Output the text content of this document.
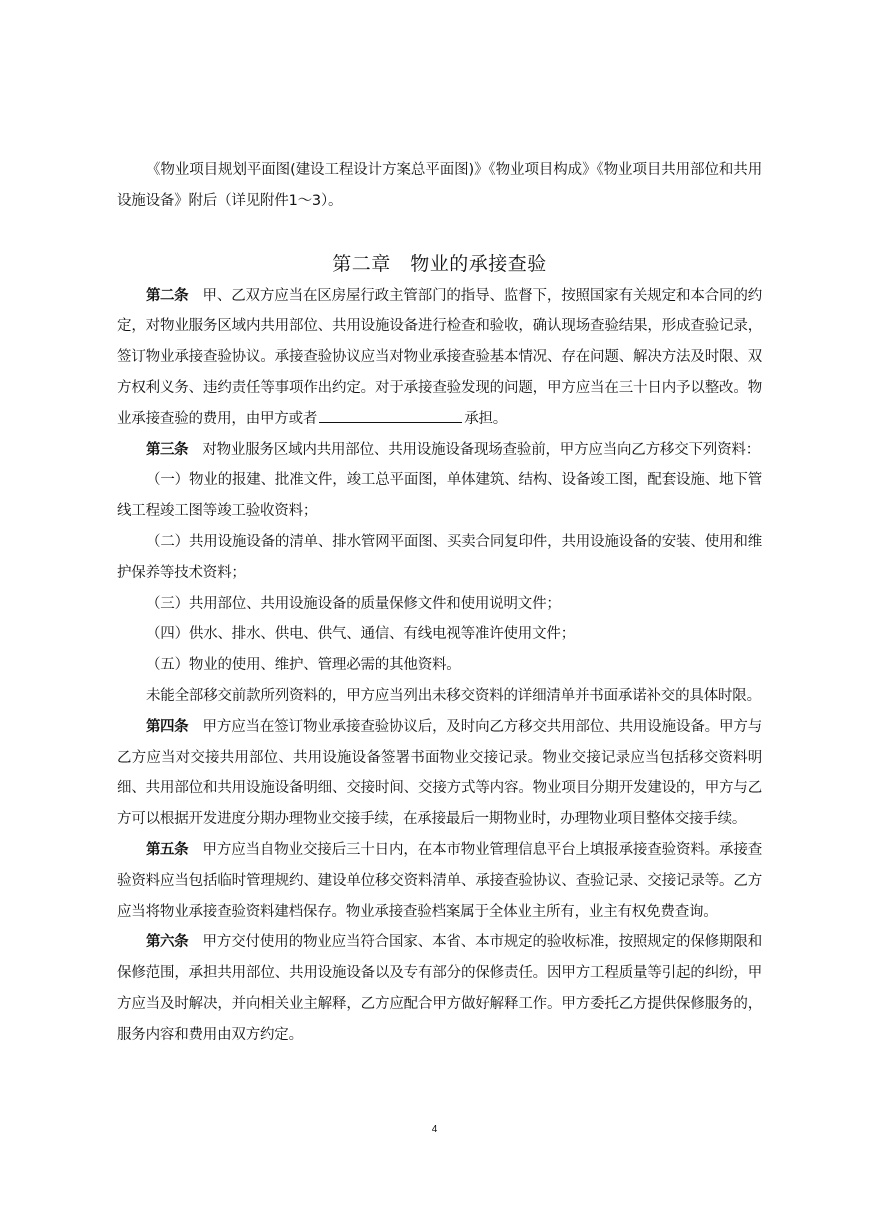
《物业项目规划平面图(建设工程设计方案总平面图)》《物业项目构成》《物业项目共用部位和共用设施设备》附后（详见附件1～3）。

第二章　物业的承接查验

第二条　 甲、乙双方应当在区房屋行政主管部门的指导、监督下，按照国家有关规定和本合同的约定，对物业服务区域内共用部位、共用设施设备进行检查和验收，确认现场查验结果，形成查验记录，签订物业承接查验协议。承接查验协议应当对物业承接查验基本情况、存在问题、解决方法及时限、双方权利义务、违约责任等事项作出约定。对于承接查验发现的问题，甲方应当在三十日内予以整改。物业承接查验的费用，由甲方或者	承担。

第三条　 对物业服务区域内共用部位、共用设施设备现场查验前，甲方应当向乙方移交下列资料：

（一）物业的报建、批准文件，竣工总平面图，单体建筑、结构、设备竣工图，配套设施、地下管线工程竣工图等竣工验收资料；

（二）共用设施设备的清单、排水管网平面图、买卖合同复印件，共用设施设备的安装、使用和维护保养等技术资料；

（三）共用部位、共用设施设备的质量保修文件和使用说明文件；

（四）供水、排水、供电、供气、通信、有线电视等准许使用文件；

（五）物业的使用、维护、管理必需的其他资料。

未能全部移交前款所列资料的，甲方应当列出未移交资料的详细清单并书面承诺补交的具体时限。

第四条　 甲方应当在签订物业承接查验协议后，及时向乙方移交共用部位、共用设施设备。甲方与乙方应当对交接共用部位、共用设施设备签署书面物业交接记录。物业交接记录应当包括移交资料明细、共用部位和共用设施设备明细、交接时间、交接方式等内容。物业项目分期开发建设的，甲方与乙方可以根据开发进度分期办理物业交接手续，在承接最后一期物业时，办理物业项目整体交接手续。

第五条　 甲方应当自物业交接后三十日内，在本市物业管理信息平台上填报承接查验资料。承接查验资料应当包括临时管理规约、建设单位移交资料清单、承接查验协议、查验记录、交接记录等。乙方应当将物业承接查验资料建档保存。物业承接查验档案属于全体业主所有，业主有权免费查询。

第六条　 甲方交付使用的物业应当符合国家、本省、本市规定的验收标准，按照规定的保修期限和保修范围，承担共用部位、共用设施设备以及专有部分的保修责任。因甲方工程质量等引起的纠纷，甲方应当及时解决，并向相关业主解释，乙方应配合甲方做好解释工作。甲方委托乙方提供保修服务的，服务内容和费用由双方约定。

4
